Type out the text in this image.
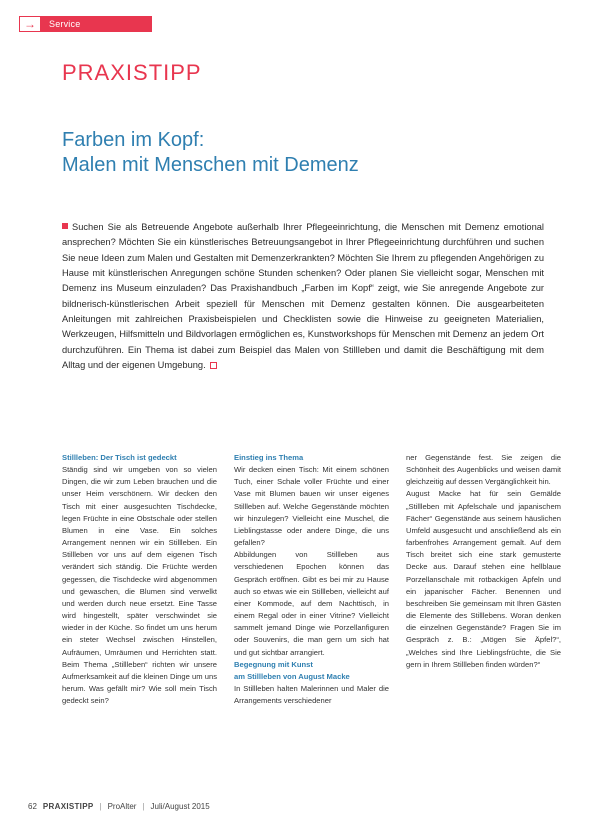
→	Service
PRAXISTIPP
Farben im Kopf:
Malen mit Menschen mit Demenz
Suchen Sie als Betreuende Angebote außerhalb Ihrer Pflegeeinrichtung, die Menschen mit Demenz emotional ansprechen? Möchten Sie ein künstlerisches Betreuungsangebot in Ihrer Pflegeeinrichtung durchführen und suchen Sie neue Ideen zum Malen und Gestalten mit Demenzerkrankten? Möchten Sie Ihrem zu pflegenden Angehörigen zu Hause mit künstlerischen Anregungen schöne Stunden schenken? Oder planen Sie vielleicht sogar, Menschen mit Demenz ins Museum einzuladen? Das Praxishandbuch „Farben im Kopf“ zeigt, wie Sie anregende Angebote zur bildnerisch-künstlerischen Arbeit speziell für Menschen mit Demenz gestalten können. Die ausgearbeiteten Anleitungen mit zahlreichen Praxisbeispielen und Checklisten sowie die Hinweise zu geeigneten Materialien, Werkzeugen, Hilfsmitteln und Bildvorlagen ermöglichen es, Kunstworkshops für Menschen mit Demenz an jedem Ort durchzuführen. Ein Thema ist dabei zum Beispiel das Malen von Stillleben und damit die Beschäftigung mit dem Alltag und der eigenen Umgebung.

Stillleben: Der Tisch ist gedeckt

Ständig sind wir umgeben von so vielen Dingen, die wir zum Leben brauchen und die unser Heim verschönern. Wir decken den Tisch mit einer ausgesuchten Tischdecke, legen Früchte in eine Obstschale oder stellen Blumen in eine Vase. Ein solches Arrangement nennen wir ein Stillleben. Ein Stillleben vor uns auf dem eigenen Tisch verändert sich ständig. Die Früchte werden gegessen, die Tischdecke wird abgenommen und gewaschen, die Blumen sind verwelkt und werden durch neue ersetzt. Eine Tasse wird hingestellt, später verschwindet sie wieder in der Küche. So findet um uns herum ein steter Wechsel zwischen Hinstellen, Aufräumen, Umräumen und Herrichten statt. Beim Thema „Stillleben“ richten wir unsere Aufmerksamkeit auf die kleinen Dinge um uns herum. Was gefällt mir? Wie soll mein Tisch gedeckt sein?

Einstieg ins Thema

Wir decken einen Tisch: Mit einem schönen Tuch, einer Schale voller Früchte und einer Vase mit Blumen bauen wir unser eigenes Stillleben auf. Welche Gegenstände möchten wir hinzulegen? Vielleicht eine Muschel, die Lieblingstasse oder andere Dinge, die uns gefallen?

Abbildungen von Stillleben aus verschiedenen Epochen können das Gespräch eröffnen. Gibt es bei mir zu Hause auch so etwas wie ein Stillleben, vielleicht auf einer Kommode, auf dem Nachttisch, in einem Regal oder in einer Vitrine? Vielleicht sammelt jemand Dinge wie Porzellanfiguren oder Souvenirs, die man gern um sich hat und gut sichtbar arrangiert.

Begegnung mit Kunst
am Stillleben von August Macke

In Stillleben halten Malerinnen und Maler die Arrangements verschiedener

ner Gegenstände fest. Sie zeigen die Schönheit des Augenblicks und weisen damit gleichzeitig auf dessen Vergänglichkeit hin.

August Macke hat für sein Gemälde „Stillleben mit Apfelschale und japanischem Fächer“ Gegenstände aus seinem häuslichen Umfeld ausgesucht und anschließend als ein farbenfrohes Arrangement gemalt. Auf dem Tisch breitet sich eine stark gemusterte Decke aus. Darauf stehen eine hellblaue Porzellanschale mit rotbackigen Äpfeln und ein japanischer Fächer. Benennen und beschreiben Sie gemeinsam mit Ihren Gästen die Elemente des Stilllebens. Woran denken die einzelnen Gegenstände? Fragen Sie im Gespräch z. B.: „Mögen Sie Äpfel?“, „Welches sind Ihre Lieblingsfrüchte, die Sie gern in Ihrem Stillleben finden würden?“

62 PRAXISTIPP | ProAlter | Juli/August 2015
